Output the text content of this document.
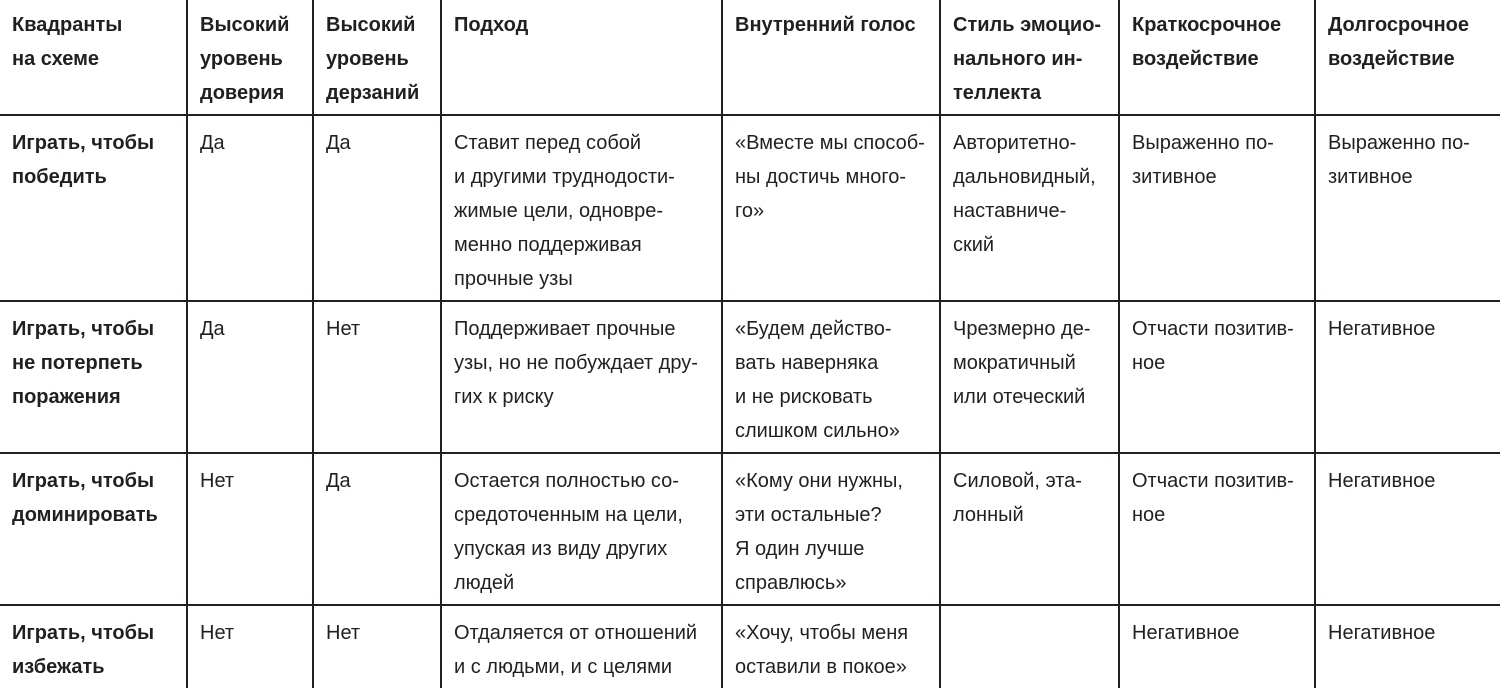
Квадранты
на схеме	Высокий
уровень
доверия	Высокий
уровень
дерзаний	Подход	Внутренний голос	Стиль эмоцио-
нального ин-
теллекта	Краткосрочное
воздействие	Долгосрочное
воздействие

Играть, чтобы
победить	Да	Да	Ставит перед собой
и другими труднодости-
жимые цели, одновре-
менно поддерживая
прочные узы	«Вместе мы способ-
ны достичь много-
го»	Авторитетно-
дальновидный,
наставниче-
ский	Выраженно по-
зитивное	Выраженно по-
зитивное

Играть, чтобы
не потерпеть
поражения	Да	Нет	Поддерживает прочные
узы, но не побуждает дру-
гих к риску	«Будем действо-
вать наверняка
и не рисковать
слишком сильно»	Чрезмерно де-
мократичный
или отеческий	Отчасти позитив-
ное	Негативное

Играть, чтобы
доминировать	Нет	Да	Остается полностью со-
средоточенным на цели,
упуская из виду других
людей	«Кому они нужны,
эти остальные?
Я один лучше
справлюсь»	Силовой, эта-
лонный	Отчасти позитив-
ное	Негативное

Играть, чтобы
избежать	Нет	Нет	Отдаляется от отношений
и с людьми, и с целями	«Хочу, чтобы меня
оставили в покое»		Негативное	Негативное
